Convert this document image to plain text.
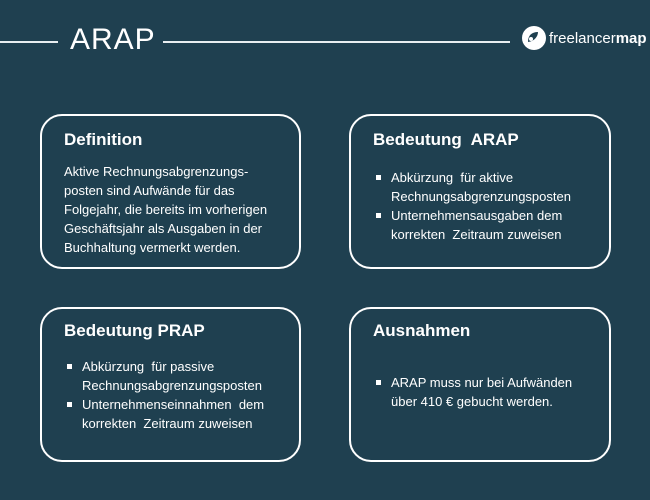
ARAP	freelancermap
Definition
Aktive Rechnungsabgrenzungs-
posten sind Aufwände für das
Folgejahr, die bereits im vorherigen
Geschäftsjahr als Ausgaben in der
Buchhaltung vermerkt werden.
Bedeutung  ARAP
Abkürzung  für aktive
Rechnungsabgrenzungsposten
Unternehmensausgaben dem
korrekten  Zeitraum zuweisen
Bedeutung PRAP
Abkürzung  für passive
Rechnungsabgrenzungsposten
Unternehmenseinnahmen  dem
korrekten  Zeitraum zuweisen
Ausnahmen
ARAP muss nur bei Aufwänden
über 410 € gebucht werden.
